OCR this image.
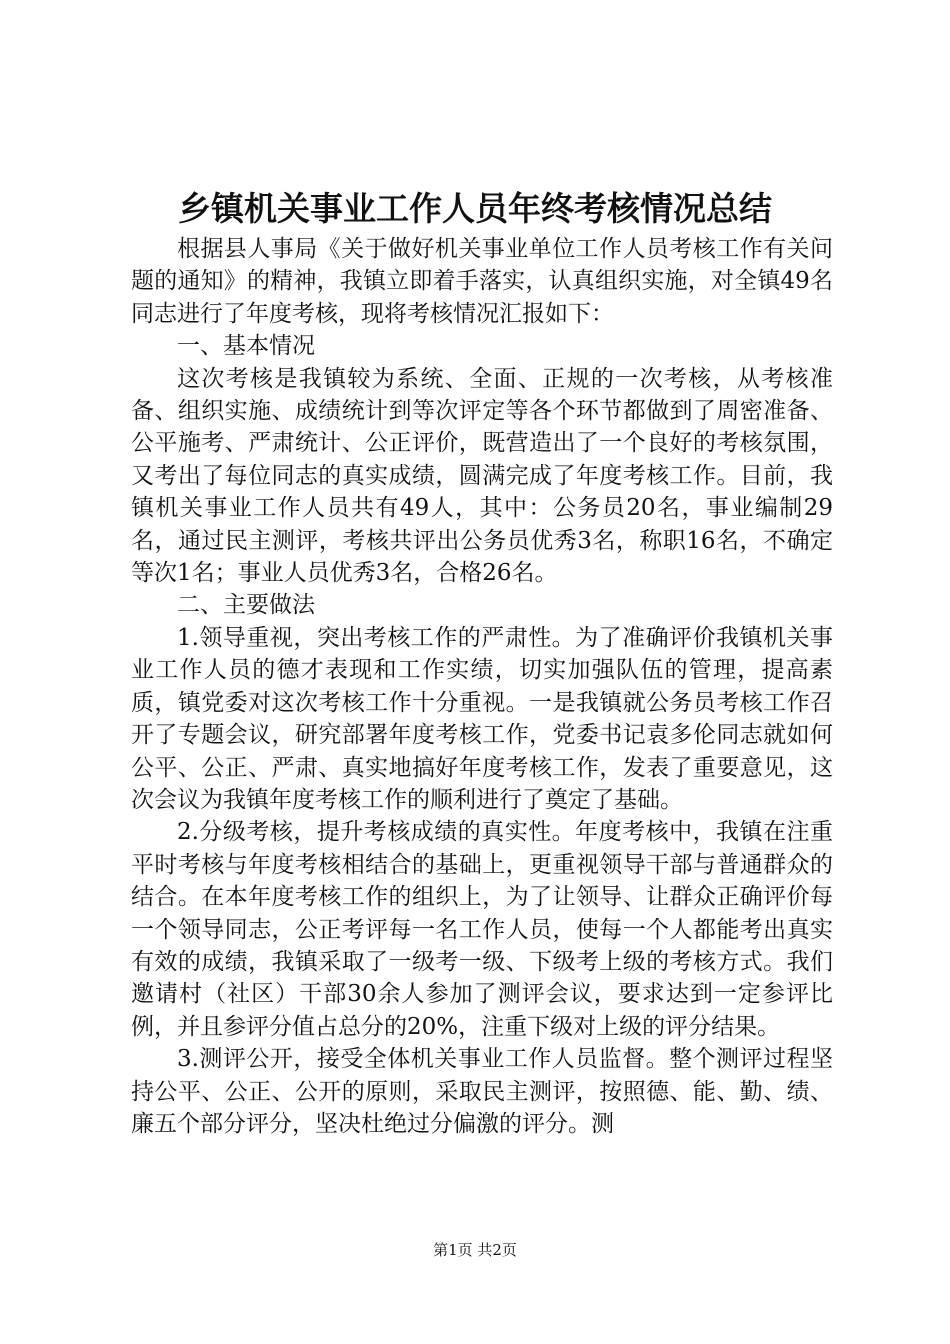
乡镇机关事业工作人员年终考核情况总结

根据县人事局《关于做好机关事业单位工作人员考核工作有关问题的通知》的精神，我镇立即着手落实，认真组织实施，对全镇49名同志进行了年度考核，现将考核情况汇报如下：

一、基本情况

这次考核是我镇较为系统、全面、正规的一次考核，从考核准备、组织实施、成绩统计到等次评定等各个环节都做到了周密准备、公平施考、严肃统计、公正评价，既营造出了一个良好的考核氛围，又考出了每位同志的真实成绩，圆满完成了年度考核工作。目前，我镇机关事业工作人员共有49人，其中：公务员20名，事业编制29名，通过民主测评，考核共评出公务员优秀3名，称职16名，不确定等次1名；事业人员优秀3名，合格26名。

二、主要做法

1.领导重视，突出考核工作的严肃性。为了准确评价我镇机关事业工作人员的德才表现和工作实绩，切实加强队伍的管理，提高素质，镇党委对这次考核工作十分重视。一是我镇就公务员考核工作召开了专题会议，研究部署年度考核工作，党委书记袁多伦同志就如何公平、公正、严肃、真实地搞好年度考核工作，发表了重要意见，这次会议为我镇年度考核工作的顺利进行了奠定了基础。

2.分级考核，提升考核成绩的真实性。年度考核中，我镇在注重平时考核与年度考核相结合的基础上，更重视领导干部与普通群众的结合。在本年度考核工作的组织上，为了让领导、让群众正确评价每一个领导同志，公正考评每一名工作人员，使每一个人都能考出真实有效的成绩，我镇采取了一级考一级、下级考上级的考核方式。我们邀请村（社区）干部30余人参加了测评会议，要求达到一定参评比例，并且参评分值占总分的20%，注重下级对上级的评分结果。

3.测评公开，接受全体机关事业工作人员监督。整个测评过程坚持公平、公正、公开的原则，采取民主测评，按照德、能、勤、绩、廉五个部分评分，坚决杜绝过分偏激的评分。测

第1页 共2页
